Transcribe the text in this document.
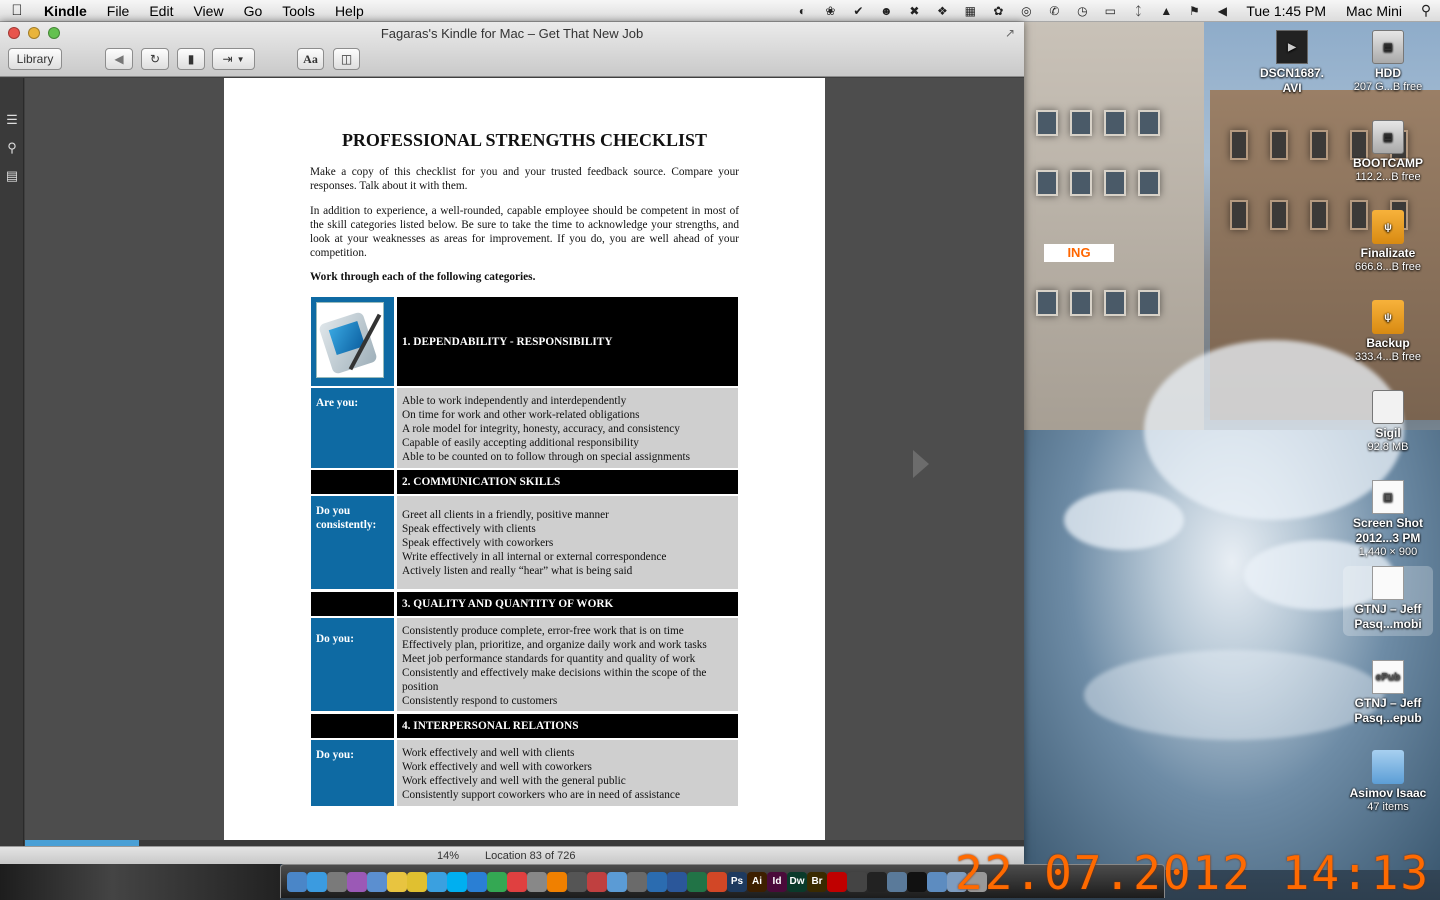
ING
Kindle	File	Edit	View	Go	Tools	Help	◐	❀	✔	☻	✖	❖	▦	✿	◎	✆	◷	▭	ᛨ	▲	⚑	◀	Tue 1:45 PM	Mac Mini	⚲
Fagaras's Kindle for Mac – Get That New Job	↗
Library	◀ ↻ ▮ ⇥ ▼	Aa	◫
☰
⚲
▤
PROFESSIONAL STRENGTHS CHECKLIST
Make a copy of this checklist for you and your trusted feedback source. Compare your responses. Talk about it with them.
In addition to experience, a well-rounded, capable employee should be competent in most of the skill categories listed below. Be sure to take the time to acknowledge your strengths, and look at your weaknesses as areas for improvement. If you do, you are well ahead of your competition.
Work through each of the following categories.
1. DEPENDABILITY - RESPONSIBILITY
Are you:	Able to work independently and interdependently
On time for work and other work-related obligations
A role model for integrity, honesty, accuracy, and consistency
Capable of easily accepting additional responsibility
Able to be counted on to follow through on special assignments
2. COMMUNICATION SKILLS
Do you consistently:
Greet all clients in a friendly, positive manner
Speak effectively with clients
Speak effectively with coworkers
Write effectively in all internal or external correspondence
Actively listen and really “hear” what is being said
3. QUALITY AND QUANTITY OF WORK
Do you:
Consistently produce complete, error-free work that is on time
Effectively plan, prioritize, and organize daily work and work tasks
Meet job performance standards for quantity and quality of work
Consistently and effectively make decisions within the scope of the position
Consistently respond to customers
4. INTERPERSONAL RELATIONS
Do you:	Work effectively and well with clients
Work effectively and well with coworkers
Work effectively and well with the general public
Consistently support coworkers who are in need of assistance
14% Location 83 of 726
▶
DSCN1687.
AVI
▤
HDD
207 G...B free
▤
BOOTCAMP
112.2...B free
ψ
Finalizate
666.8...B free
ψ
Backup
333.4...B free
Sigil
92.8 MB
▣
Screen Shot 2012...3 PM
1,440 × 900
GTNJ – Jeff Pasq...mobi
ePub
GTNJ – Jeff Pasq...epub
Asimov Isaac
47 items
Ps Ai	Id Dw Br	22.07.2012 14:13
